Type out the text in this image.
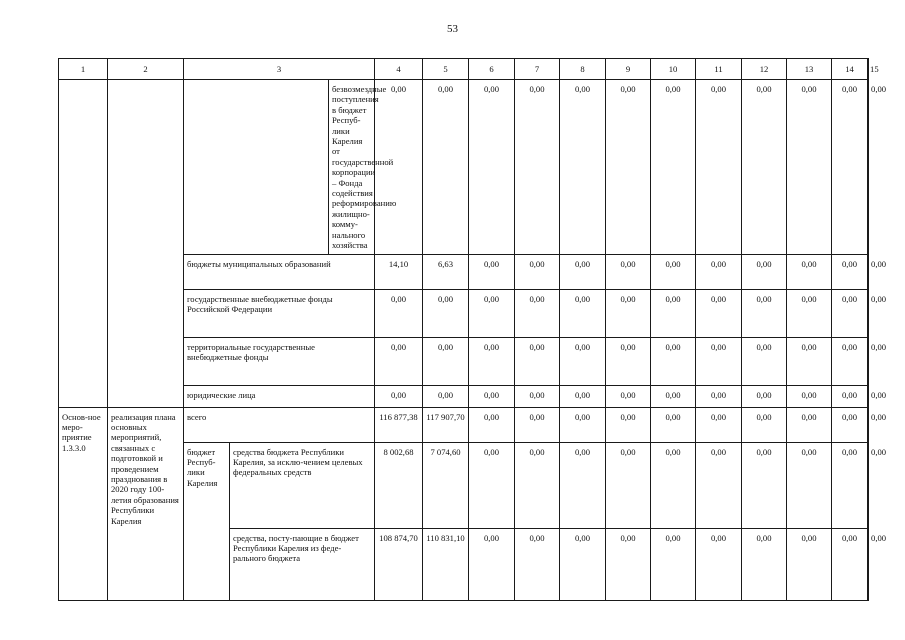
53
1	2	3			4	5	6	7	8	9	10	11	12	13	14	15
				безвозмездные поступления в бюджет Респуб-лики Карелия от государственной корпорации – Фонда содействия реформированию жилищно-комму-нального хозяйства	0,00	0,00	0,00	0,00	0,00	0,00	0,00	0,00	0,00	0,00	0,00	0,00
		бюджеты муниципальных образований			14,10	6,63	0,00	0,00	0,00	0,00	0,00	0,00	0,00	0,00	0,00	0,00
		государственные внебюджетные фонды Российской Федерации			0,00	0,00	0,00	0,00	0,00	0,00	0,00	0,00	0,00	0,00	0,00	0,00
		территориальные государственные внебюджетные фонды			0,00	0,00	0,00	0,00	0,00	0,00	0,00	0,00	0,00	0,00	0,00	0,00
		юридические лица			0,00	0,00	0,00	0,00	0,00	0,00	0,00	0,00	0,00	0,00	0,00	0,00
Основ-ное меро-приятие 1.3.3.0	реализация плана основных мероприятий, связанных с подготовкой и проведением празднования в 2020 году 100-летия образования Республики Карелия	всего			116 877,38	117 907,70	0,00	0,00	0,00	0,00	0,00	0,00	0,00	0,00	0,00	0,00
		бюджет Респуб-лики Карелия	средства бюджета Республики Карелия, за исклю-чением целевых федеральных средств		8 002,68	7 074,60	0,00	0,00	0,00	0,00	0,00	0,00	0,00	0,00	0,00	0,00
			средства, посту-пающие в бюджет Республики Карелия из феде-рального бюджета		108 874,70	110 831,10	0,00	0,00	0,00	0,00	0,00	0,00	0,00	0,00	0,00	0,00
